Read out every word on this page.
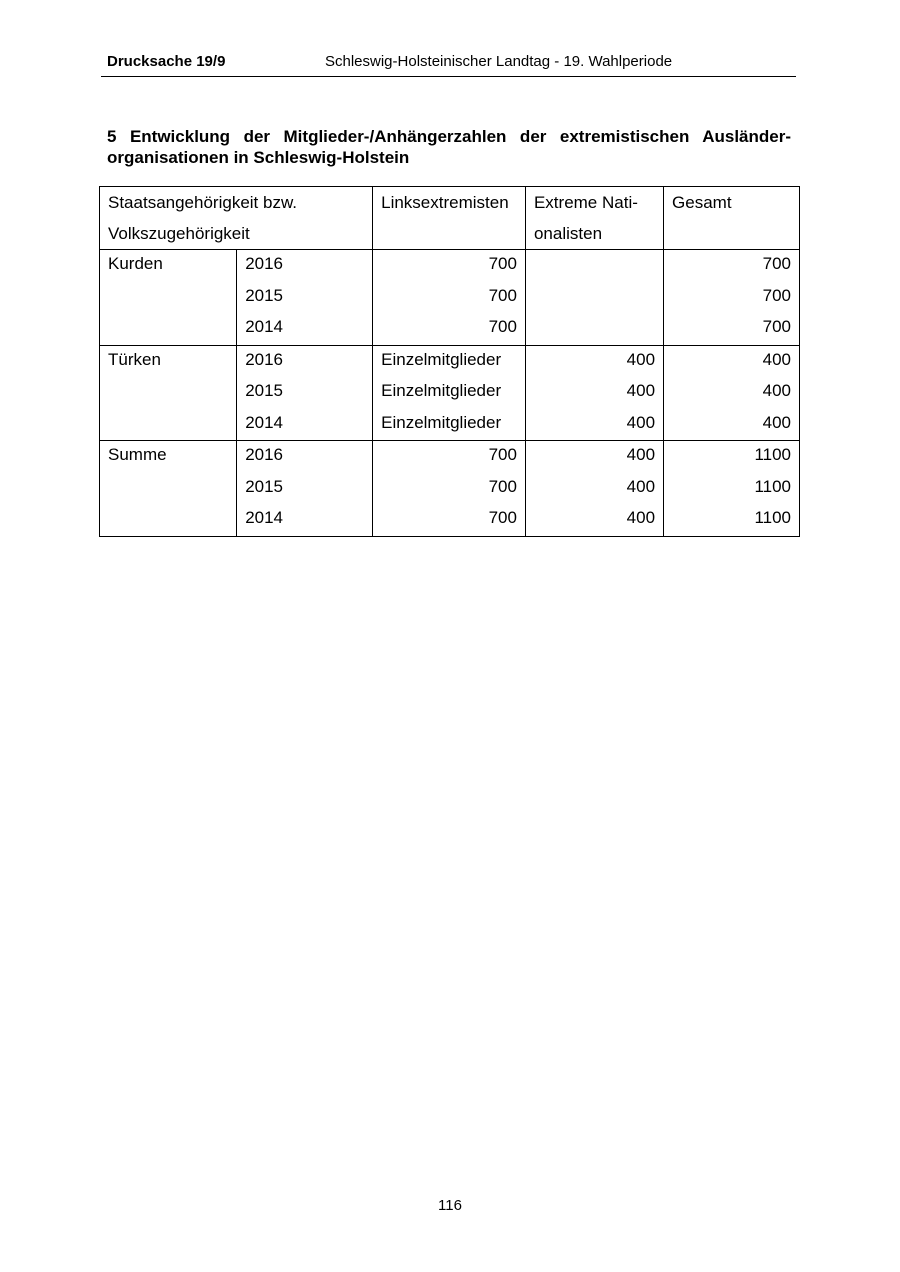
Drucksache 19/9	Schleswig-Holsteinischer Landtag - 19. Wahlperiode
5 Entwicklung der Mitglieder-/Anhängerzahlen der extremistischen Ausländer-organisationen in Schleswig-Holstein
Staatsangehörigkeit bzw. Volkszugehörigkeit		Linksextremisten	Extreme Nati-onalisten	Gesamt
Kurden	2016	700		700
	2015	700		700
	2014	700		700
Türken	2016	Einzelmitglieder	400	400
	2015	Einzelmitglieder	400	400
	2014	Einzelmitglieder	400	400
Summe	2016	700	400	1100
	2015	700	400	1100
	2014	700	400	1100
116
